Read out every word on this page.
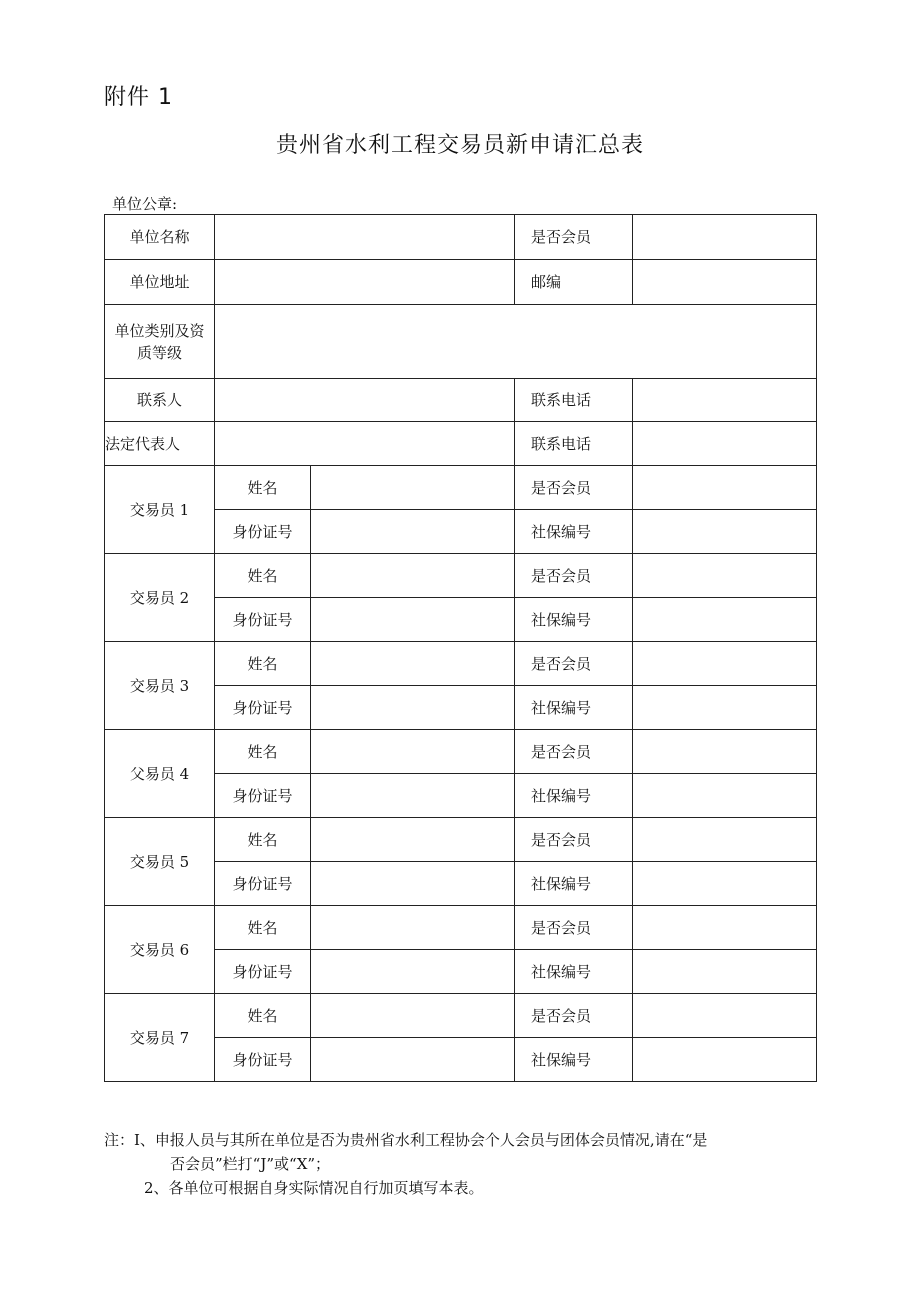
附件 1
贵州省水利工程交易员新申请汇总表
单位公章:
单位名称			是否会员	
单位地址			邮编	

单位类别及资
质等级				

联系人			联系电话	
法定代表人			联系电话	
交易员 1	姓名		是否会员	
	身份证号		社保编号	
交易员 2	姓名		是否会员	
	身份证号		社保编号	
交易员 3	姓名		是否会员	
	身份证号		社保编号	
父易员 4	姓名		是否会员	
	身份证号		社保编号	
交易员 5	姓名		是否会员	
	身份证号		社保编号	
交易员 6	姓名		是否会员	
	身份证号		社保编号	
交易员 7	姓名		是否会员	
	身份证号		社保编号	
注：I、申报人员与其所在单位是否为贵州省水利工程协会个人会员与团体会员情况,请在“是
否会员”栏打“J”或“X”；
2、各单位可根据自身实际情况自行加页填写本表。
